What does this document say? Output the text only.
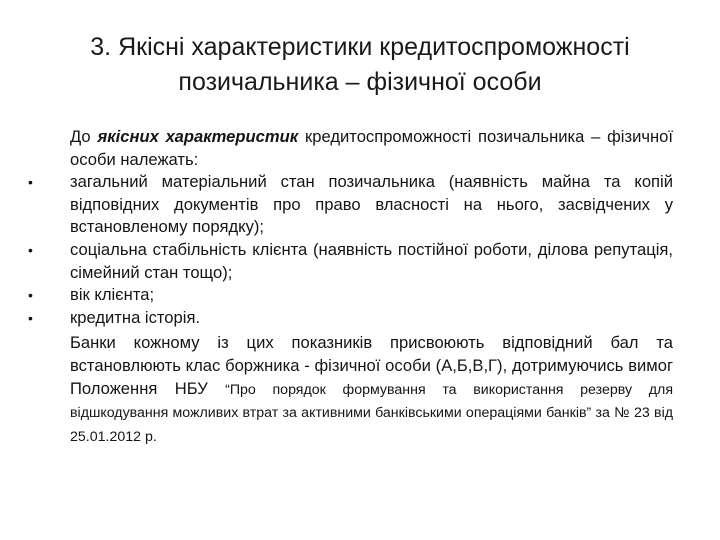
3. Якісні характеристики кредитоспроможності
позичальника – фізичної особи

До якісних характеристик кредитоспроможності позичальника – фізичної особи належать:

•	загальний матеріальний стан позичальника (наявність майна та копій відповідних документів про право власності на нього, засвідчених у встановленому порядку);
•	соціальна стабільність клієнта (наявність постійної роботи, ділова репутація, сімейний стан тощо);
•	вік клієнта;
•	кредитна історія.

Банки кожному із цих показників присвоюють відповідний бал та встановлюють клас боржника - фізичної особи (А,Б,В,Г), дотримуючись вимог Положення НБУ “Про порядок формування та використання резерву для відшкодування можливих втрат за активними банківськими операціями банків” за № 23 від 25.01.2012 р.
